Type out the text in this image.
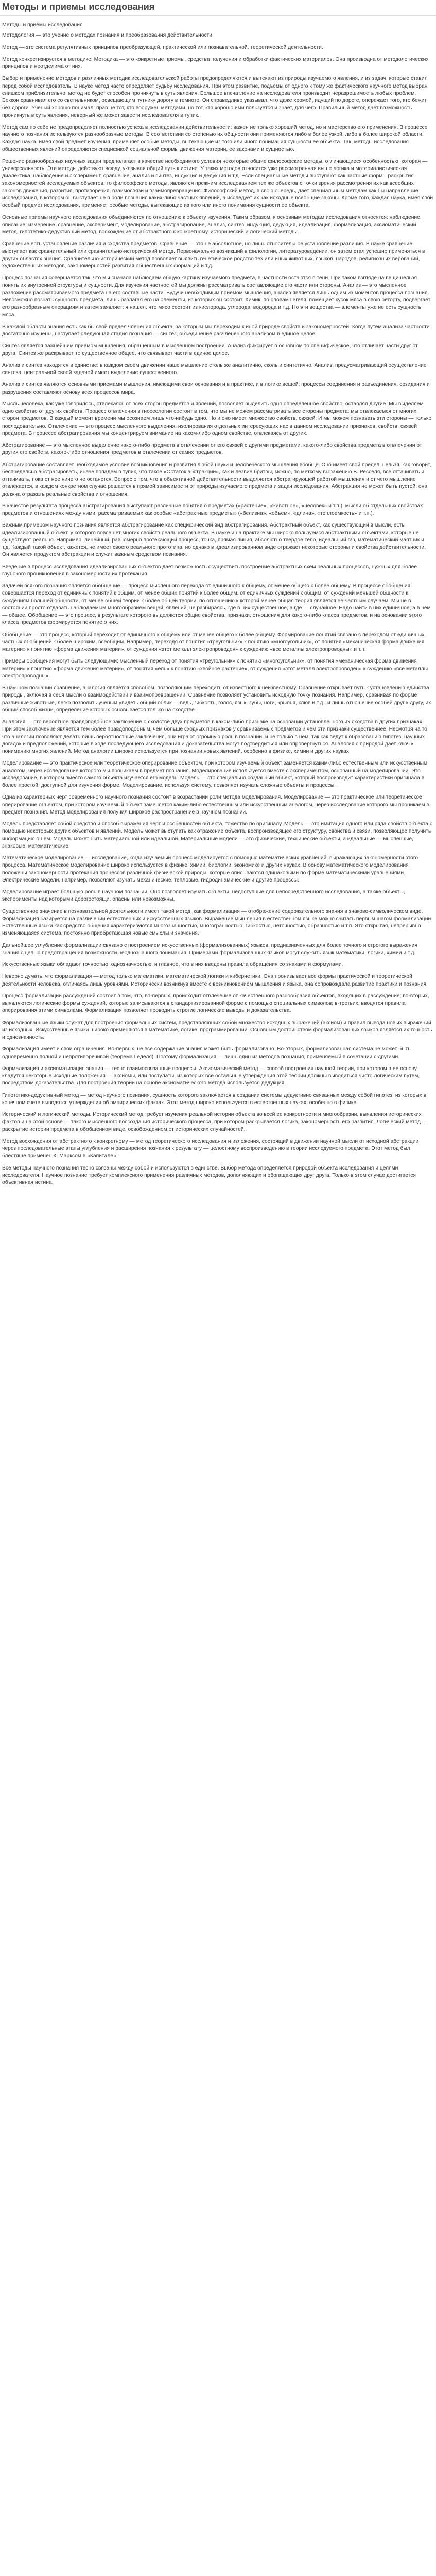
Методы и приемы исследования

Методы и приемы исследования

Методология — это учение о методах познания и преобразования действительности.

Метод — это система регулятивных принципов преобразующей, практической или познавательной, теоретической деятельности.

Метод конкретизируется в методике. Методика — это конкретные приемы, средства получения и обработки фактических материалов. Она производна от методологических принципов и неотделима от них.

Выбор и применение методов и различных методик исследовательской работы предопределяются и вытекают из природы изучаемого явления, и из задач, которые ставит перед собой исследователь. В науке метод часто определяет судьбу исследования. При этом развитие, подъемы от одного к тому же фактического научного метод выбран слишком приблизительно, метод не будет способен проникнуть в суть явления. Большое впечатление на исследователя производит неразрешимость любых проблем. Беккон сравнивал его со светильником, освещающим путнику дорогу в темноте. Он справедливо указывал, что даже хромой, идущий по дороге, опережает того, кто бежит без дороги. Ученый хорошо понимал: прав не тот, кто вооружен методами, но тот, кто хорошо ими пользуется и знает, для чего. Правильный метод дает возможность проникнуть в суть явления, неверный же может завести исследователя в тупик.

Метод сам по себе не предопределяет полностью успеха в исследовании действительности: важен не только хороший метод, но и мастерство его применения. В процессе научного познания используются разнообразные методы. В соответствии со степенью их общности они применяются либо в более узкой, либо в более широкой области. Каждая наука, имея свой предмет изучения, применяет особые методы, вытекающие из того или иного понимания сущности ее объекта. Так, методы исследования общественных явлений определяются спецификой социальной формы движения материи, ее законами и сущностью.

Решение разнообразных научных задач предполагает в качестве необходимого условия некоторые общие философские методы, отличающиеся особенностью, которая — универсальность. Эти методы действуют всюду, указывая общий путь к истине. У таких методов относится уже рассмотренная выше логика и материалистическая диалектика, наблюдение и эксперимент, сравнение, анализ и синтез, индукция и дедукция и т.д. Если специальные методы выступают как частные формы раскрытия закономерностей исследуемых объектов, то философские методы, являются прежним исследованием тех же объектов с точки зрения рассмотрения их как всеобщих законов движения, развития, противоречия, взаимосвязи и взаимопревращения. Философский метод, в свою очередь, дает специальным методам как бы направление исследования, в котором он выступает не в роли познания каких-либо частных явлений, а исследует их как исходные всеобщие законы. Кроме того, каждая наука, имея свой особый предмет исследования, применяет особые методы, вытекающие из того или иного понимания сущности ее объекта.

Основные приемы научного исследования объединяются по отношению к объекту изучения. Таким образом, к основным методам исследования относятся: наблюдение, описание, измерение, сравнение, эксперимент, моделирование, абстрагирование, анализ, синтез, индукция, дедукция, идеализация, формализация, аксиоматический метод, гипотетико-дедуктивный метод, восхождение от абстрактного к конкретному, исторический и логический методы.

Сравнение есть установление различия и сходства предметов. Сравнение — это не абсолютное, но лишь относительное установление различия. В науке сравнение выступает как сравнительный или сравнительно-исторический метод. Первоначально возникший в филологии, литературоведении, он затем стал успешно применяться в других областях знания. Сравнительно-исторический метод позволяет выявить генетическое родство тех или иных животных, языков, народов, религиозных верований, художественных методов, закономерностей развития общественных формаций и т.д.

Процесс познания совершается так, что мы сначала наблюдаем общую картину изучаемого предмета, в частности остаются в тени. При таком взгляде на вещи нельзя понять их внутренней структуры и сущности. Для изучения частностей мы должны рассматривать составляющие его части или стороны. Анализ — это мысленное разложение рассматриваемого предмета на его составные части. Будучи необходимым приемом мышления, анализ является лишь одним из моментов процесса познания. Невозможно познать сущность предмета, лишь разлагая его на элементы, из которых он состоит. Химик, по словам Гегеля, помещает кусок мяса в свою реторту, подвергает его разнообразным операциям и затем заявляет: я нашел, что мясо состоит из кислорода, углерода, водорода и т.д. Но эти вещества — элементы уже не есть сущность мяса.

В каждой области знания есть как бы свой предел членения объекта, за которым мы переходим к иной природе свойств и закономерностей. Когда путем анализа частности достаточно изучены, наступает следующая стадия познания — синтез, объединение расчлененного анализом в единое целое.

Синтез является важнейшим приемом мышления, обращенным в мысленном построении. Анализ фиксирует в основном то специфическое, что отличает части друг от друга. Синтез же раскрывает то существенное общее, что связывает части в единое целое.

Анализ и синтез находятся в единстве: в каждом своем движении наше мышление столь же аналитично, сколь и синтетично. Анализ, предусматривающий осуществление синтеза, центральной своей задачей имеет выделение существенного.

Анализ и синтез являются основными приемами мышления, имеющими свои основания и в практике, и в логике вещей: процессы соединения и разъединения, созидания и разрушения составляют основу всех процессов мира.

Мысль человека, как уже говорилось, отвлекаясь от всех сторон предметов и явлений, позволяет выделить одно определенное свойство, оставляя другие. Мы выделяем одно свойство от других свойств. Процесс отвлечения в гносеологии состоит в том, что мы не можем рассматривать все стороны предмета: мы отвлекаемся от многих сторон предметов. В каждый момент времени мы осознаем лишь что-нибудь одно. Но и оно имеет множество свойств, связей. И мы можем познавать эти стороны — только последовательно. Отвлечение — это процесс мысленного выделения, изолирования отдельных интересующих нас в данном исследовании признаков, свойств, связей предмета. В процессе абстрагирования мы концентрируем внимание на каком-либо одном свойстве, отвлекаясь от других.

Абстрагирование — это мысленное выделение какого-либо предмета в отвлечении от его связей с другими предметами, какого-либо свойства предмета в отвлечении от других его свойств, какого-либо отношения предметов в отвлечении от самих предметов.

Абстрагирование составляет необходимое условие возникновения и развития любой науки и человеческого мышления вообще. Оно имеет свой предел, нельзя, как говорит, беспредельно абстрагировать, иначе попадем в тупик, что такое «Остаток абстракции», как и лезвие бритвы, можно, по меткому выражению Б. Ресселя, все оттачивать и оттачивать, пока от нее ничего не останется. Вопрос о том, что в объективной действительности выделяется абстрагирующей работой мышления и от чего мышление отвлекается, в каждом конкретном случае решается в прямой зависимости от природы изучаемого предмета и задач исследования. Абстракция не может быть пустой, она должна отражать реальные свойства и отношения.

В качестве результата процесса абстрагирования выступают различные понятия о предметах («растение», «животное», «человек» и т.п.), мысли об отдельных свойствах предметов и отношениях между ними, рассматриваемых как особые «абстрактные предметы» («белизна», «объем», «длина», «теплоемкость» и т.п.).

Важным примером научного познания является абстрагирование как специфический вид абстрагирования. Абстрактный объект, как существующий в мысли, есть идеализированный объект, у которого вовсе нет многих свойств реального объекта. В науке и на практике мы широко пользуемся абстрактными объектами, которые не существуют реально. Например, линейный, равномерно протекающий процесс, точка, прямая линия, абсолютно твердое тело, идеальный газ, математический маятник и т.д. Каждый такой объект, кажется, не имеет своего реального прототипа, но однако в идеализированном виде отражает некоторые стороны и свойства действительности. Он является продуктом абстракции и служит важным средством познания.

Введение в процесс исследования идеализированных объектов дает возможность осуществить построение абстрактных схем реальных процессов, нужных для более глубокого проникновения в закономерности их протекания.

Задачей всякого познания является обобщение — процесс мысленного перехода от единичного к общему, от менее общего к более общему. В процессе обобщения совершается переход от единичных понятий к общим, от менее общих понятий к более общим, от единичных суждений к общим, от суждений меньшей общности к суждениям большей общности, от менее общей теории к более общей теории, по отношению к которой менее общая теория является ее частным случаем. Мы не в состоянии просто отдавать наблюдаемым многообразием вещей, явлений, не разбираясь, где в них существенное, а где — случайное. Надо найти в них единичное, а в нем — общее. Обобщение — это процесс, в результате которого выделяются общие свойства, признаки, отношения для какого-либо класса предметов, и на основании этого класса предметов формируется понятие о них.

Обобщение — это процесс, который переходит от единичного к общему или от менее общего к более общему. Формирование понятий связано с переходом от единичных, частных обобщений к более широким, всеобщим. Например, переходя от понятия «треугольник» к понятию «многоугольник», от понятия «механическая форма движения материи» к понятию «форма движения материи», от суждения «этот металл электропроводен» к суждению «все металлы электропроводны» и т.п.

Примеры обобщения могут быть следующими: мысленный переход от понятия «треугольник» к понятию «многоугольник», от понятия «механическая форма движения материи» к понятию «форма движения материи», от понятия «ель» к понятию «хвойное растение», от суждения «этот металл электропроводен» к суждению «все металлы электропроводны».

В научном познании сравнение, аналогия является способом, позволяющим переходить от известного к неизвестному. Сравнение открывает путь к установлению единства природы, включая в себя мысли о взаимодействии и взаимопревращении. Сравнение позволяет установить исходную точку познания. Например, сравнивая по форме различные животные, легко позволить ученым увидеть общий облик — ведь, гибкость, голос, язык, зубы, ноги, крылья, клюв и т.д., и лишь отношение особей друг к другу, их общий способ жизни, определение которых основывается только на сходстве.

Аналогия — это вероятное правдоподобное заключение о сходстве двух предметов в каком-либо признаке на основании установленного их сходства в других признаках. При этом заключение является тем более правдоподобным, чем больше сходных признаков у сравниваемых предметов и чем эти признаки существеннее. Несмотря на то что аналогии позволяют делать лишь вероятностные заключения, они играют огромную роль в познании, и не только в нем, так как ведут к образованию гипотез, научных догадок и предположений, которые в ходе последующего исследования и доказательства могут подтвердиться или опровергнуться. Аналогия с природой дает ключ к пониманию многих явлений. Метод аналогии широко используется при познании новых явлений, особенно в физике, химии и других науках.

Моделирование — это практическое или теоретическое оперирование объектом, при котором изучаемый объект заменяется каким-либо естественным или искусственным аналогом, через исследование которого мы проникаем в предмет познания. Моделирование используется вместе с экспериментом, основанный на моделировании. Это исследование, в котором вместо самого объекта изучается его модель. Модель — это специально созданный объект, который воспроизводит характеристики оригинала в более простой, доступной для изучения форме. Моделирование, используя систему, позволяет изучать сложные объекты и процессы.

Одна из характерных черт современного научного познания состоит в возрастании роли метода моделирования. Моделирование — это практическое или теоретическое оперирование объектом, при котором изучаемый объект заменяется каким-либо естественным или искусственным аналогом, через исследование которого мы проникаем в предмет познания. Метод моделирования получил широкое распространение в научном познании.

Модель представляет собой средство и способ выражения черт и особенностей объекта, тожество по оригиналу. Модель — это имитация одного или ряда свойств объекта с помощью некоторых других объектов и явлений. Модель может выступать как отражение объекта, воспроизводящее его структуру, свойства и связи, позволяющее получить информацию о нем. Модель может быть материальной или идеальной. Материальные модели — это физические, технические объекты, а идеальные — мысленные, знаковые, математические.

Математическое моделирование — исследование, когда изучаемый процесс моделируется с помощью математических уравнений, выражающих закономерности этого процесса. Математическое моделирование широко используется в физике, химии, биологии, экономике и других науках. В основу математического моделирования положены закономерности протекания процессов различной физической природы, которые описываются одинаковыми по форме математическими уравнениями. Электрические модели, например, позволяют изучать механические, тепловые, гидродинамические и другие процессы.

Моделирование играет большую роль в научном познании. Оно позволяет изучать объекты, недоступные для непосредственного исследования, а также объекты, эксперименты над которыми дорогостоящи, опасны или невозможны.

Существенное значение в познавательной деятельности имеет такой метод, как формализация — отображение содержательного знания в знаково-символическом виде. Формализация базируется на различении естественных и искусственных языков. Выражение мышления в естественном языке можно считать первым шагом формализации. Естественные языки как средство общения характеризуются многозначностью, многогранностью, гибкостью, неточностью, образностью и т.п. Это открытая, непрерывно изменяющаяся система, постоянно приобретающая новые смыслы и значения.

Дальнейшее углубление формализации связано с построением искусственных (формализованных) языков, предназначенных для более точного и строгого выражения знания с целью предотвращения возможности неоднозначного понимания. Примерами формализованных языков могут служить язык математики, логики, химии и т.д.

Искусственные языки обладают точностью, однозначностью, и главное, что в них введены правила обращения со знаками и формулами.

Неверно думать, что формализация — метод только математики, математической логики и кибернетики. Она пронизывает все формы практической и теоретической деятельности человека, отличаясь лишь уровнями. Исторически возникнув вместе с возникновением мышления и языка, она сопровождала развитие практики и познания.

Процесс формализации рассуждений состоит в том, что, во-первых, происходит отвлечение от качественного разнообразия объектов, входящих в рассуждение; во-вторых, выявляются логические формы суждений, которые записываются в стандартизированной форме с помощью специальных символов; в-третьих, вводятся правила оперирования этими символами. Формализация позволяет проводить строгие логические выводы и доказательства.

Формализованные языки служат для построения формальных систем, представляющих собой множество исходных выражений (аксиом) и правил вывода новых выражений из исходных. Искусственные языки широко применяются в математике, логике, программировании. Основным достоинством формализованных языков является их точность и однозначность.

Формализация имеет и свои ограничения. Во-первых, не все содержание знания может быть формализовано. Во-вторых, формализованная система не может быть одновременно полной и непротиворечивой (теорема Гёделя). Поэтому формализация — лишь один из методов познания, применяемый в сочетании с другими.

Формализация и аксиоматизация знания — тесно взаимосвязанные процессы. Аксиоматический метод — способ построения научной теории, при котором в ее основу кладутся некоторые исходные положения — аксиомы, или постулаты, из которых все остальные утверждения этой теории должны выводиться чисто логическим путем, посредством доказательства. Для построения теории на основе аксиоматического метода используется дедукция.

Гипотетико-дедуктивный метод — метод научного познания, сущность которого заключается в создании системы дедуктивно связанных между собой гипотез, из которых в конечном счете выводятся утверждения об эмпирических фактах. Этот метод широко используется в естественных науках, особенно в физике.

Исторический и логический методы. Исторический метод требует изучения реальной истории объекта во всей ее конкретности и многообразии, выявления исторических фактов и на этой основе — такого мысленного воссоздания исторического процесса, при котором раскрывается логика, закономерность его развития. Логический метод — раскрытие истории предмета в обобщенном виде, освобожденном от исторических случайностей.

Метод восхождения от абстрактного к конкретному — метод теоретического исследования и изложения, состоящий в движении научной мысли от исходной абстракции через последовательные этапы углубления и расширения познания к результату — целостному воспроизведению в теории исследуемого предмета. Этот метод был блестяще применен К. Марксом в «Капитале».

Все методы научного познания тесно связаны между собой и используются в единстве. Выбор метода определяется природой объекта исследования и целями исследователя. Научное познание требует комплексного применения различных методов, дополняющих и обогащающих друг друга. Только в этом случае достигается объективная истина.
